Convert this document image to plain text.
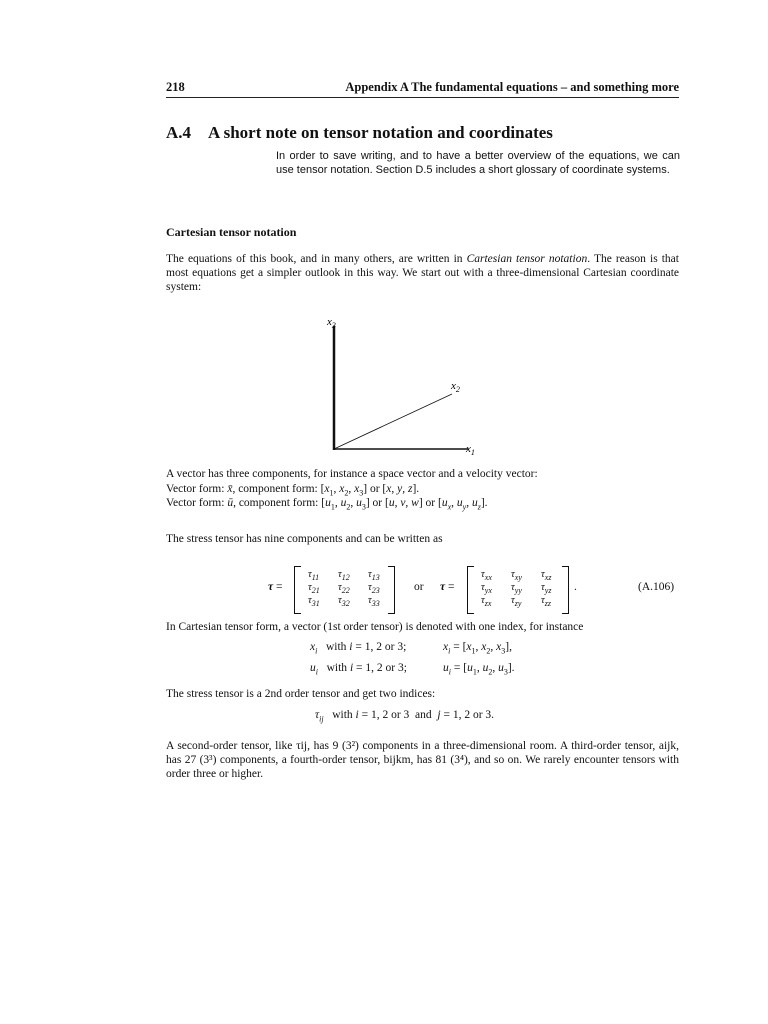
218	Appendix A The fundamental equations – and something more
A.4 A short note on tensor notation and coordinates
In order to save writing, and to have a better overview of the equations, we can use tensor notation. Section D.5 includes a short glossary of coordinate systems.
Cartesian tensor notation
The equations of this book, and in many others, are written in Cartesian tensor notation. The reason is that most equations get a simpler outlook in this way. We start out with a three-dimensional Cartesian coordinate system:
$x_3$
$x_2$
$x_1$
A vector has three components, for instance a space vector and a velocity vector:
Vector form: x̄, component form: [$x_1$, $x_2$, $x_3$] or [x, y, z].
Vector form: ū, component form: [$u_1$, $u_2$, $u_3$] or [u, v, w] or [$u_x$, $u_y$, $u_z$].
The stress tensor has nine components and can be written as
τ =
$\tau_{11}$	$\tau_{12}$	$\tau_{13}$
$\tau_{21}$	$\tau_{22}$	$\tau_{23}$
$\tau_{31}$	$\tau_{32}$	$\tau_{33}$
or τ =
$\tau_{xx}$	$\tau_{xy}$	$\tau_{xz}$
$\tau_{yx}$	$\tau_{yy}$	$\tau_{yz}$
$\tau_{zx}$	$\tau_{zy}$	$\tau_{zz}$
.	(A.106)
In Cartesian tensor form, a vector (1st order tensor) is denoted with one index, for instance
$x_i$   with i = 1, 2 or 3;	$x_i = [x_1$, $x_2$, $x_3$],
$u_i$   with i = 1, 2 or 3;	$u_i = [u_1$, $u_2$, $u_3$].
The stress tensor is a 2nd order tensor and get two indices:
$\tau_{ij}$   with i = 1, 2 or 3  and  j = 1, 2 or 3.
A second-order tensor, like τij, has 9 (3²) components in a three-dimensional room. A third-order tensor, aijk, has 27 (3³) components, a fourth-order tensor, bijkm, has 81 (3⁴), and so on. We rarely encounter tensors with order three or higher.
